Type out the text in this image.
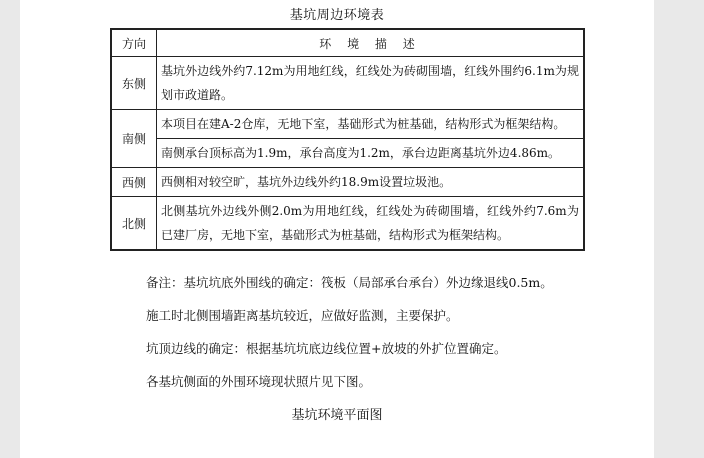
基坑周边环境表
方向	环 境 描 述
东侧	基坑外边线外约7.12m为用地红线，红线处为砖砌围墙，红线外围约6.1m为规划市政道路。

南侧	本项目在建A-2仓库，无地下室，基础形式为桩基础，结构形式为框架结构。

	南侧承台顶标高为1.9m，承台高度为1.2m，承台边距离基坑外边4.86m。

西侧	西侧相对较空旷，基坑外边线外约18.9m设置垃圾池。

北侧	北侧基坑外边线外侧2.0m为用地红线，红线处为砖砌围墙，红线外约7.6m为已建厂房，无地下室，基础形式为桩基础，结构形式为框架结构。

备注：基坑坑底外围线的确定：筏板（局部承台承台）外边缘退线0.5m。

施工时北侧围墙距离基坑较近，应做好监测，主要保护。

坑顶边线的确定：根据基坑坑底边线位置+放坡的外扩位置确定。

各基坑侧面的外围环境现状照片见下图。

基坑环境平面图
